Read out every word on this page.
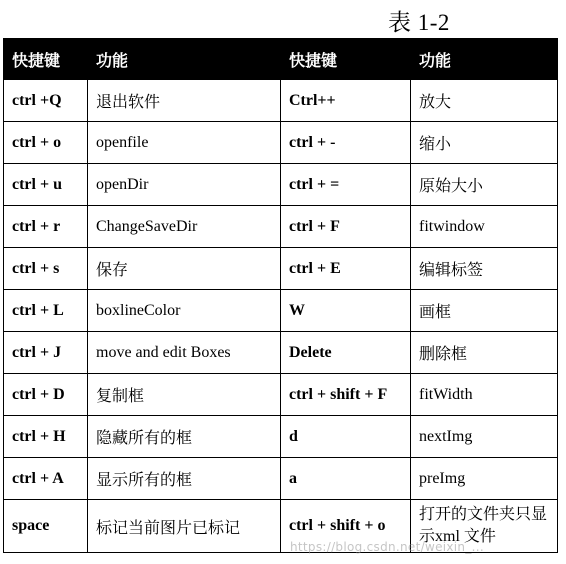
表 1-2
快捷键	功能	快捷键	功能
ctrl +Q	退出软件	Ctrl++	放大
ctrl + o	openfile	ctrl + -	缩小
ctrl + u	openDir	ctrl + =	原始大小
ctrl + r	ChangeSaveDir	ctrl + F	fitwindow
ctrl + s	保存	ctrl + E	编辑标签
ctrl + L	boxlineColor	W	画框
ctrl + J	move and edit Boxes	Delete	删除框
ctrl + D	复制框	ctrl + shift + F	fitWidth
ctrl + H	隐藏所有的框	d	nextImg
ctrl + A	显示所有的框	a	preImg
space	标记当前图片已标记	ctrl + shift + o	打开的文件夹只显示xml 文件
https://blog.csdn.net/weixin_...
